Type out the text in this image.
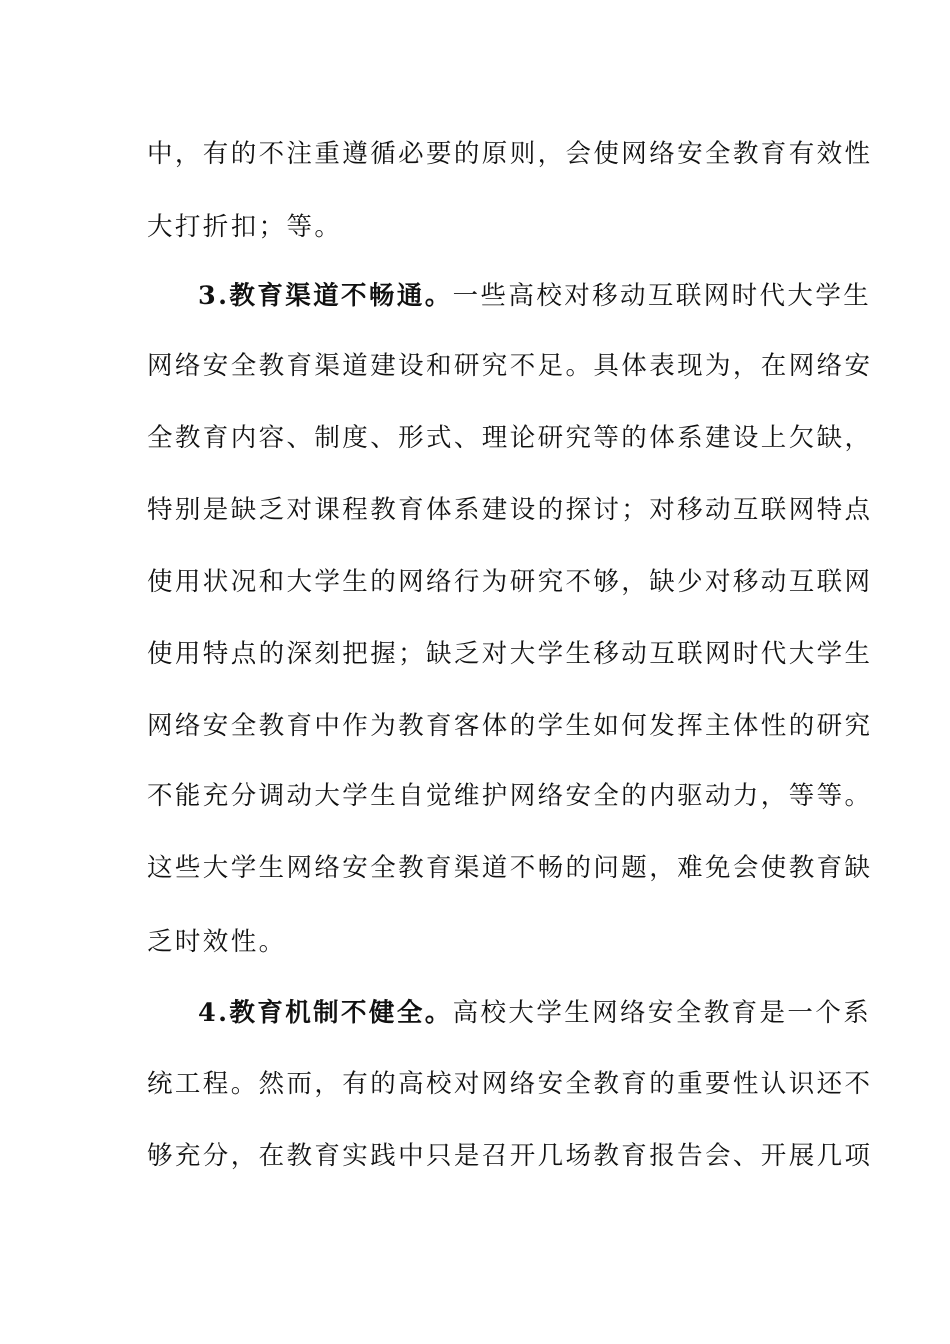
中，有的不注重遵循必要的原则，会使网络安全教育有效性
大打折扣；等。
3.教育渠道不畅通。一些高校对移动互联网时代大学生
网络安全教育渠道建设和研究不足。具体表现为，在网络安
全教育内容、制度、形式、理论研究等的体系建设上欠缺，
特别是缺乏对课程教育体系建设的探讨；对移动互联网特点
使用状况和大学生的网络行为研究不够，缺少对移动互联网
使用特点的深刻把握；缺乏对大学生移动互联网时代大学生
网络安全教育中作为教育客体的学生如何发挥主体性的研究
不能充分调动大学生自觉维护网络安全的内驱动力，等等。
这些大学生网络安全教育渠道不畅的问题，难免会使教育缺
乏时效性。
4.教育机制不健全。高校大学生网络安全教育是一个系
统工程。然而，有的高校对网络安全教育的重要性认识还不
够充分，在教育实践中只是召开几场教育报告会、开展几项
